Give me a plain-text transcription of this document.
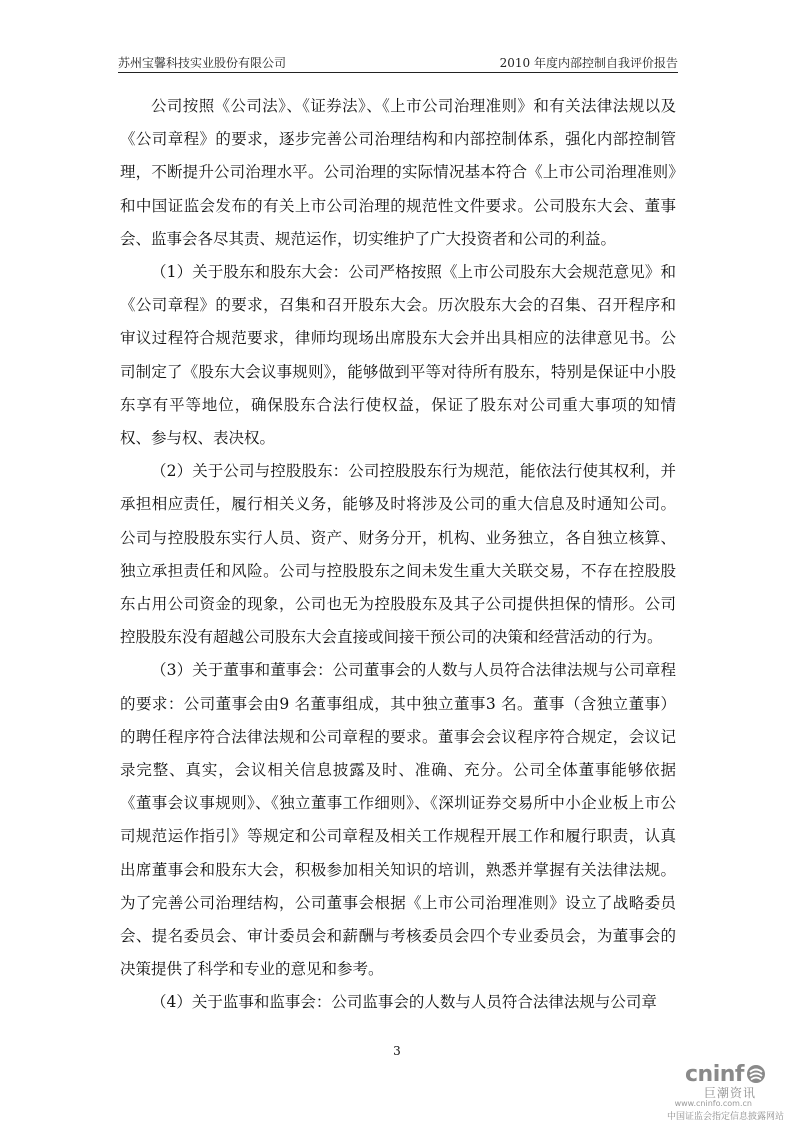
苏州宝馨科技实业股份有限公司	2010 年度内部控制自我评价报告

公司按照《公司法》、《证券法》、《上市公司治理准则》和有关法律法规以及《公司章程》的要求，逐步完善公司治理结构和内部控制体系，强化内部控制管理，不断提升公司治理水平。公司治理的实际情况基本符合《上市公司治理准则》和中国证监会发布的有关上市公司治理的规范性文件要求。公司股东大会、董事会、监事会各尽其责、规范运作，切实维护了广大投资者和公司的利益。

（1）关于股东和股东大会：公司严格按照《上市公司股东大会规范意见》和《公司章程》的要求，召集和召开股东大会。历次股东大会的召集、召开程序和审议过程符合规范要求，律师均现场出席股东大会并出具相应的法律意见书。公司制定了《股东大会议事规则》，能够做到平等对待所有股东，特别是保证中小股东享有平等地位，确保股东合法行使权益，保证了股东对公司重大事项的知情权、参与权、表决权。

（2）关于公司与控股股东：公司控股股东行为规范，能依法行使其权利，并承担相应责任，履行相关义务，能够及时将涉及公司的重大信息及时通知公司。公司与控股股东实行人员、资产、财务分开，机构、业务独立，各自独立核算、独立承担责任和风险。公司与控股股东之间未发生重大关联交易，不存在控股股东占用公司资金的现象，公司也无为控股股东及其子公司提供担保的情形。公司控股股东没有超越公司股东大会直接或间接干预公司的决策和经营活动的行为。

（3）关于董事和董事会：公司董事会的人数与人员符合法律法规与公司章程的要求：公司董事会由9 名董事组成，其中独立董事3 名。董事（含独立董事）的聘任程序符合法律法规和公司章程的要求。董事会会议程序符合规定，会议记录完整、真实，会议相关信息披露及时、准确、充分。公司全体董事能够依据《董事会议事规则》、《独立董事工作细则》、《深圳证券交易所中小企业板上市公司规范运作指引》等规定和公司章程及相关工作规程开展工作和履行职责，认真出席董事会和股东大会，积极参加相关知识的培训，熟悉并掌握有关法律法规。为了完善公司治理结构，公司董事会根据《上市公司治理准则》设立了战略委员会、提名委员会、审计委员会和薪酬与考核委员会四个专业委员会，为董事会的决策提供了科学和专业的意见和参考。

（4）关于监事和监事会：公司监事会的人数与人员符合法律法规与公司章

3
cninf
巨潮资讯
www.cninfo.com.cn
中国证监会指定信息披露网站
